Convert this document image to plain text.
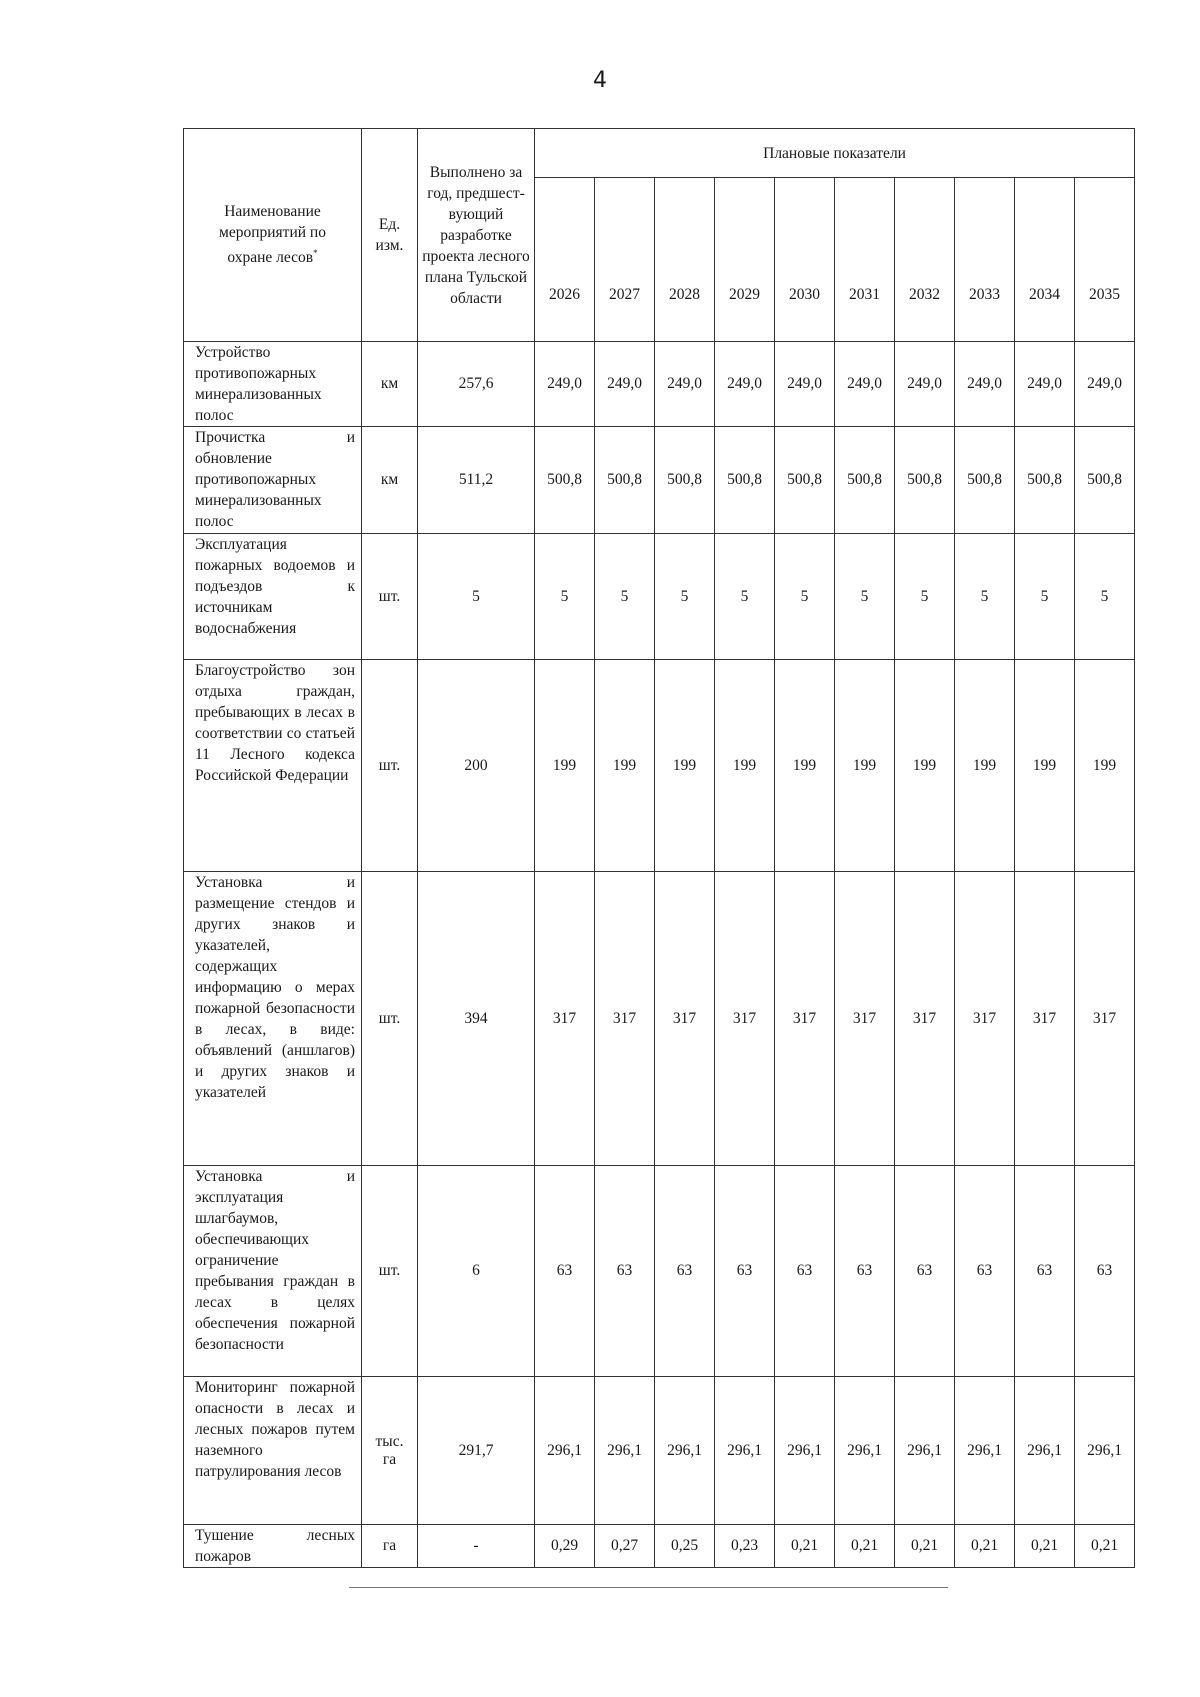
4
Наименование мероприятий по охране лесов*	Ед. изм.	Выполнено за год, предшест-вующий разработке проекта лесного плана Тульской области	Плановые показатели									
			2026	2027	2028	2029	2030	2031	2032	2033	2034	2035
Устройство противопожарных минерализованных полос	км	257,6	249,0	249,0	249,0	249,0	249,0	249,0	249,0	249,0	249,0	249,0
Прочистка и обновление противопожарных минерализованных полос	км	511,2	500,8	500,8	500,8	500,8	500,8	500,8	500,8	500,8	500,8	500,8
Эксплуатация пожарных водоемов и подъездов к источникам водоснабжения	шт.	5	5	5	5	5	5	5	5	5	5	5
Благоустройство зон отдыха граждан, пребывающих в лесах в соответствии со статьей 11 Лесного кодекса Российской Федерации	шт.	200	199	199	199	199	199	199	199	199	199	199
Установка и размещение стендов и других знаков и указателей, содержащих информацию о мерах пожарной безопасности в лесах, в виде: объявлений (аншлагов) и других знаков и указателей	шт.	394	317	317	317	317	317	317	317	317	317	317
Установка и эксплуатация шлагбаумов, обеспечивающих ограничение пребывания граждан в лесах в целях обеспечения пожарной безопасности	шт.	6	63	63	63	63	63	63	63	63	63	63
Мониторинг пожарной опасности в лесах и лесных пожаров путем наземного патрулирования лесов	тыс. га	291,7	296,1	296,1	296,1	296,1	296,1	296,1	296,1	296,1	296,1	296,1
Тушение лесных пожаров	га	-	0,29	0,27	0,25	0,23	0,21	0,21	0,21	0,21	0,21	0,21
